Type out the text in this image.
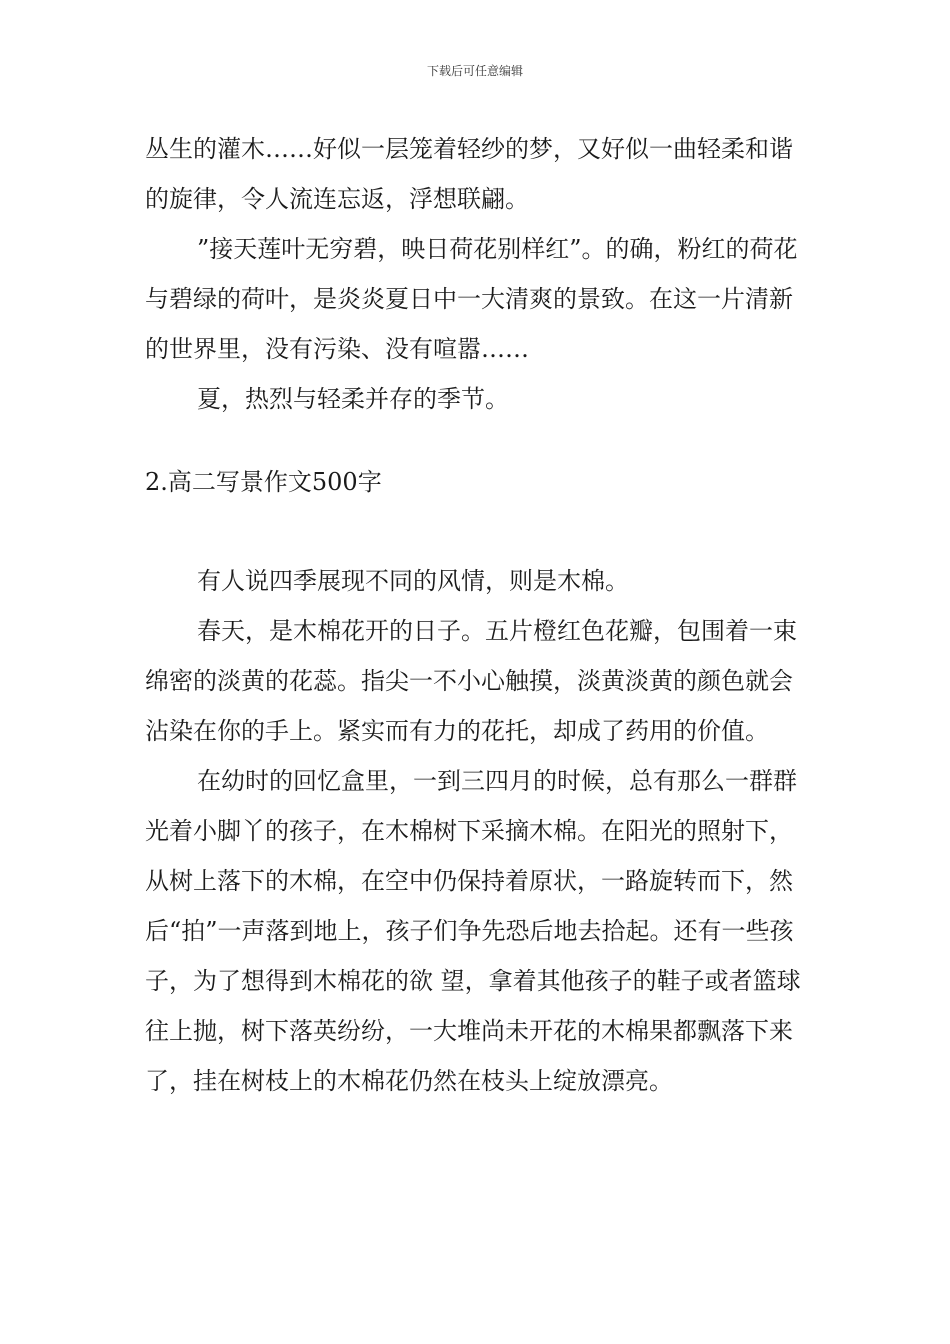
下载后可任意编辑

丛生的灌木……好似一层笼着轻纱的梦，又好似一曲轻柔和谐的旋律，令人流连忘返，浮想联翩。

”接天莲叶无穷碧，映日荷花别样红”。的确，粉红的荷花与碧绿的荷叶，是炎炎夏日中一大清爽的景致。在这一片清新的世界里，没有污染、没有喧嚣……

夏，热烈与轻柔并存的季节。

2.高二写景作文500字

有人说四季展现不同的风情，则是木棉。

春天，是木棉花开的日子。五片橙红色花瓣，包围着一束绵密的淡黄的花蕊。指尖一不小心触摸，淡黄淡黄的颜色就会沾染在你的手上。紧实而有力的花托，却成了药用的价值。

在幼时的回忆盒里，一到三四月的时候，总有那么一群群光着小脚丫的孩子，在木棉树下采摘木棉。在阳光的照射下，从树上落下的木棉，在空中仍保持着原状，一路旋转而下，然后“拍”一声落到地上，孩子们争先恐后地去拾起。还有一些孩子，为了想得到木棉花的欲 望，拿着其他孩子的鞋子或者篮球往上抛，树下落英纷纷，一大堆尚未开花的木棉果都飘落下来了，挂在树枝上的木棉花仍然在枝头上绽放漂亮。
